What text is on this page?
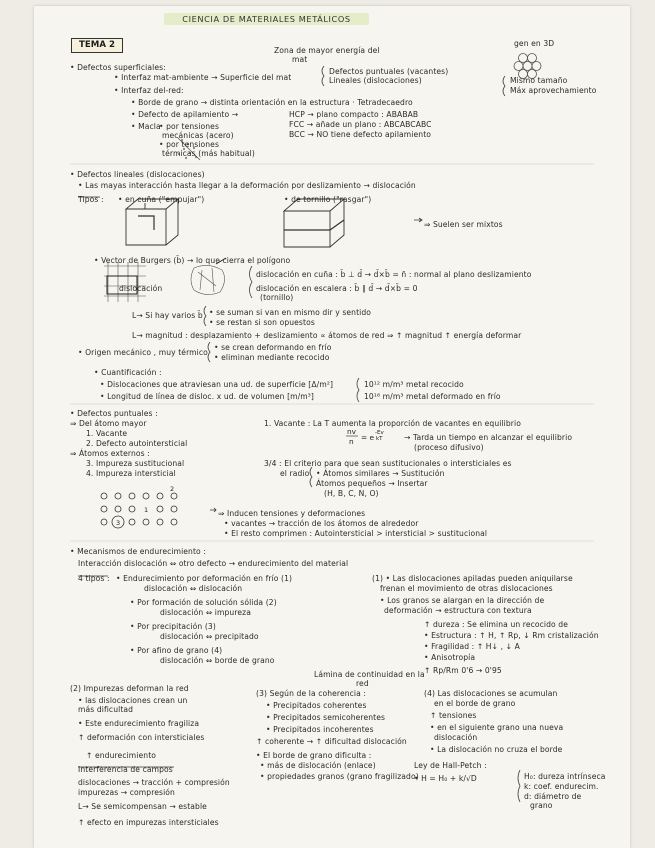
CIENCIA DE MATERIALES METÁLICOS
TEMA 2
nv
n = e -Ev
kT
1
3
2
Zona de mayor energía del
mat
gen en 3D
• Defectos superficiales:
• Interfaz mat-ambiente → Superficie del mat
Defectos puntuales (vacantes)
Lineales (dislocaciones)
• Interfaz del-red:
Mismo tamaño
Máx aprovechamiento
• Borde de grano → distinta orientación en la estructura · Tetradecaedro
• Defecto de apilamiento →	HCP → plano compacto : ABABAB
FCC → añade un plano : ABCABCABC
BCC → NO tiene defecto apilamiento
• Macla
• por tensiones
mecánicas (acero)
• por tensiones
térmicas (más habitual)
• Defectos lineales (dislocaciones)
• Las mayas interacción hasta llegar a la deformación por deslizamiento → dislocación
Tipos : • en cuña ("empujar")	• de tornillo ("rasgar")
⇒ Suelen ser mixtos
• Vector de Burgers (b̄) → lo que cierra el polígono
dislocación en cuña : b̄ ⊥ d̄ → d̄×b̄ = n̄ : normal al plano deslizamiento
dislocación en escalera : b̄ ∥ d̄ → d̄×b̄ = 0
(tornillo)
dislocación
L→ Si hay varios b̄ • se suman si van en mismo dir y sentido
• se restan si son opuestos
L→ magnitud : desplazamiento + deslizamiento ∝ átomos de red ⇒ ↑ magnitud ↑ energía deformar
• Origen mecánico , muy térmico
• se crean deformando en frío
• eliminan mediante recocido
• Cuantificación :
• Dislocaciones que atraviesan una ud. de superficie [Δ/m²]	10¹² m/m³ metal recocido
• Longitud de línea de disloc. x ud. de volumen [m/m³]	10¹⁶ m/m³ metal deformado en frío
• Defectos puntuales :
⇒ Del átomo mayor	1. Vacante : La T aumenta la proporción de vacantes en equilibrio
1. Vacante
2. Defecto autointersticial
⇒ Átomos externos :
→ Tarda un tiempo en alcanzar el equilibrio
(proceso difusivo)
3. Impureza sustitucional
4. Impureza intersticial
3/4 : El criterio para que sean sustitucionales o intersticiales es
el radio • Átomos similares → Sustitución
Átomos pequeños → Insertar
(H, B, C, N, O)
⇒ Inducen tensiones y deformaciones
• vacantes → tracción de los átomos de alrededor
• El resto comprimen : Autointersticial > intersticial > sustitucional
• Mecanismos de endurecimiento :
Interacción dislocación ⇔ otro defecto → endurecimiento del material
4 tipos : • Endurecimiento por deformación en frío (1)
dislocación ⇔ dislocación
• Por formación de solución sólida (2)
dislocación ⇔ impureza
• Por precipitación (3)
dislocación ⇔ precipitado
• Por afino de grano (4)
dislocación ⇔ borde de grano
(1) • Las dislocaciones apiladas pueden aniquilarse
frenan el movimiento de otras dislocaciones
• Los granos se alargan en la dirección de
deformación → estructura con textura
↑ dureza : Se elimina un recocido de
• Estructura : ↑ H, ↑ Rp, ↓ Rm cristalización
• Fragilidad : ↑ H↓ , ↓ A
• Anisotropía
↑ Rp/Rm 0'6 → 0'95
Lámina de continuidad en la
red
(2) Impurezas deforman la red
• las dislocaciones crean un
más dificultad
• Este endurecimiento fragiliza
↑ deformación con intersticiales
↑ endurecimiento
Interferencia de campos
dislocaciones → tracción + compresión
impurezas → compresión
L→ Se semicompensan → estable
↑ efecto en impurezas intersticiales
(3) Según de la coherencia :
• Precipitados coherentes
• Precipitados semicoherentes
• Precipitados incoherentes
↑ coherente → ↑ dificultad dislocación
• El borde de grano dificulta :
• más de dislocación (enlace)
• propiedades granos (grano fragilizado)
(4) Las dislocaciones se acumulan
en el borde de grano
↑ tensiones
• en el siguiente grano una nueva
dislocación
• La dislocación no cruza el borde
Ley de Hall-Petch :
• H = H₀ + k/√D	H₀: dureza intrínseca
k: coef. endurecim.
d: diámetro de
grano
